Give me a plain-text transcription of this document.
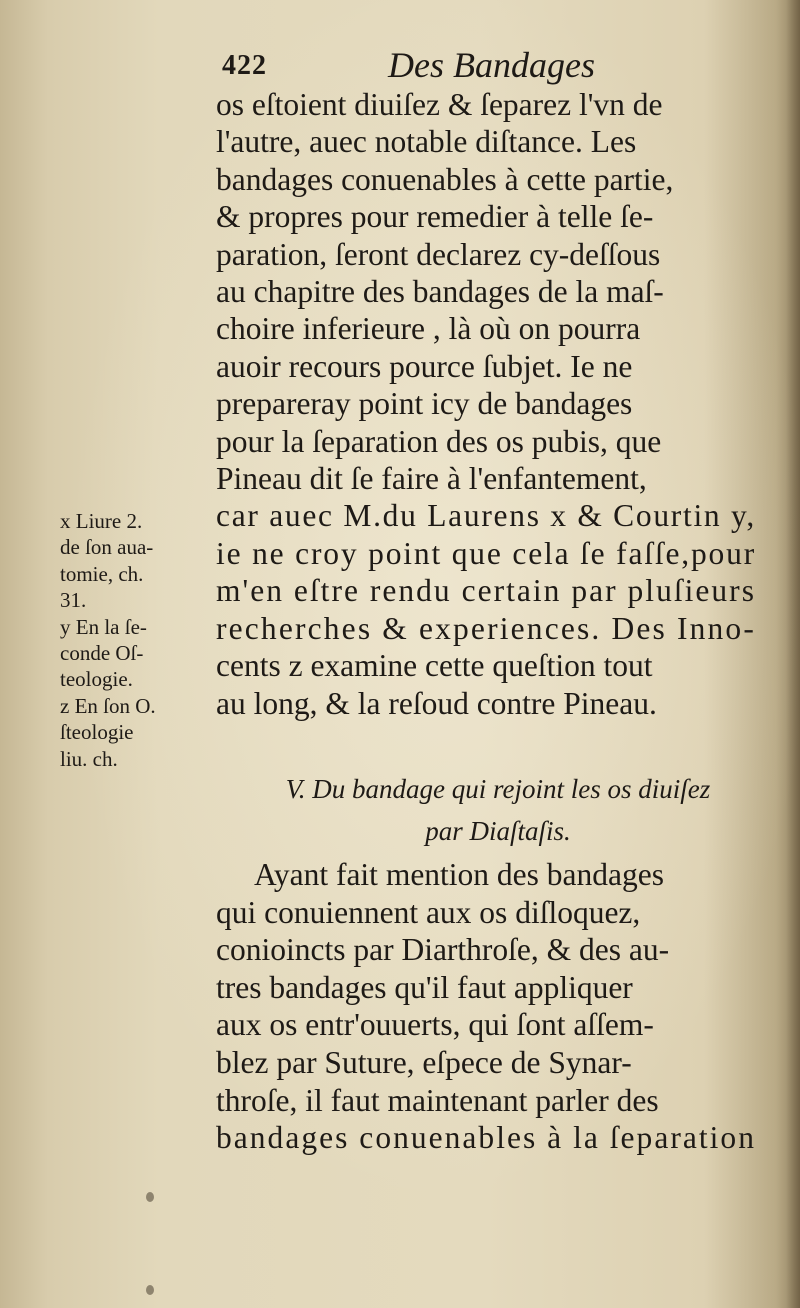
422	Des Bandages
os eſtoient diuiſez & ſeparez l'vn de
l'autre, auec notable diſtance. Les
bandages conuenables à cette partie,
& propres pour remedier à telle ſe-
paration, ſeront declarez cy-deſſous
au chapitre des bandages de la maſ-
choire inferieure , là où on pourra
auoir recours pource ſubjet. Ie ne
prepareray point icy de bandages
pour la ſeparation des os pubis, que
Pineau dit ſe faire à l'enfantement,
car auec M.du Laurens x & Courtin y,
ie ne croy point que cela ſe faſſe,pour
m'en eſtre rendu certain par pluſieurs
recherches & experiences. Des Inno-
cents z examine cette queſtion tout
au long, & la reſoud contre Pineau.
x Liure 2.
de ſon aua-
tomie, ch.
31.
y En la ſe-
conde Oſ-
teologie.
z En ſon O.
ſteologie
liu. ch.
V. Du bandage qui rejoint les os diuiſez
par Diaſtaſis.
Ayant fait mention des bandages
qui conuiennent aux os diſloquez,
conioincts par Diarthroſe, & des au-
tres bandages qu'il faut appliquer
aux os entr'ouuerts, qui ſont aſſem-
blez par Suture, eſpece de Synar-
throſe, il faut maintenant parler des
bandages conuenables à la ſeparation
